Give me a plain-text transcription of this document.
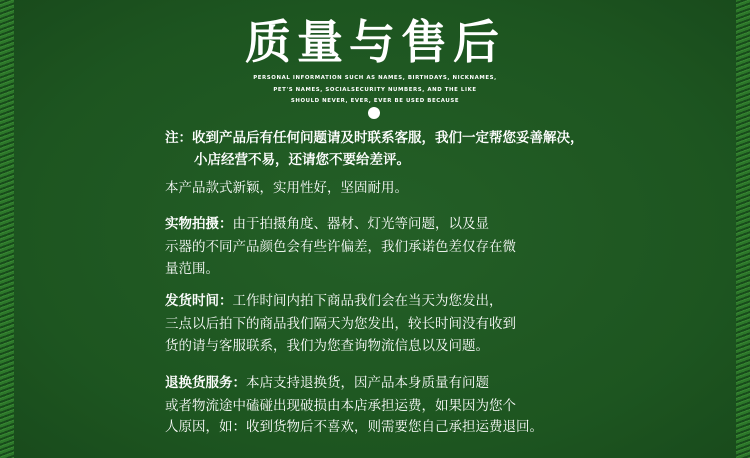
质量与售后
PERSONAL INFORMATION SUCH AS NAMES, BIRTHDAYS, NICKNAMES,
PET'S NAMES, SOCIALSECURITY NUMBERS, AND THE LIKE
SHOULD NEVER, EVER, EVER BE USED BECAUSE
注：收到产品后有任何问题请及时联系客服，我们一定帮您妥善解决，
小店经营不易，还请您不要给差评。
本产品款式新颖，实用性好，坚固耐用。
实物拍摄：由于拍摄角度、器材、灯光等问题，以及显
示器的不同产品颜色会有些许偏差，我们承诺色差仅存在微
量范围。
发货时间：工作时间内拍下商品我们会在当天为您发出，
三点以后拍下的商品我们隔天为您发出，较长时间没有收到
货的请与客服联系，我们为您查询物流信息以及问题。
退换货服务：本店支持退换货，因产品本身质量有问题
或者物流途中磕碰出现破损由本店承担运费，如果因为您个
人原因，如：收到货物后不喜欢，则需要您自己承担运费退回。
